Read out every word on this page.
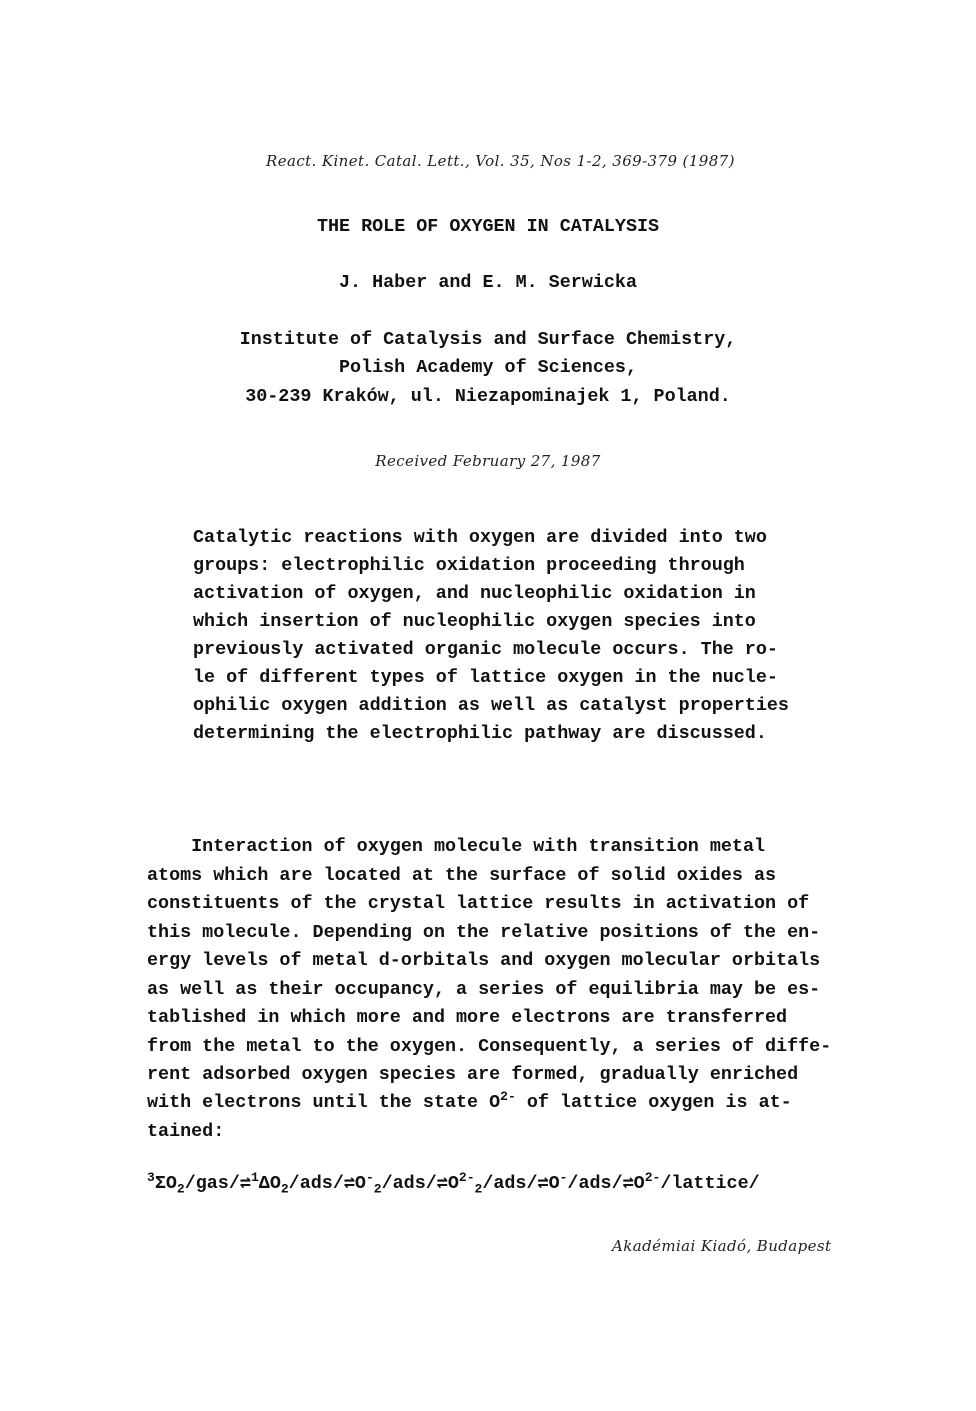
React. Kinet. Catal. Lett., Vol. 35, Nos 1-2, 369-379 (1987)
THE ROLE OF OXYGEN IN CATALYSIS
J. Haber and E. M. Serwicka
Institute of Catalysis and Surface Chemistry,
Polish Academy of Sciences,
30-239 Kraków, ul. Niezapominajek 1, Poland.
Received February 27, 1987
Catalytic reactions with oxygen are divided into two
groups: electrophilic oxidation proceeding through
activation of oxygen, and nucleophilic oxidation in
which insertion of nucleophilic oxygen species into
previously activated organic molecule occurs. The ro-
le of different types of lattice oxygen in the nucle-
ophilic oxygen addition as well as catalyst properties
determining the electrophilic pathway are discussed.
Interaction of oxygen molecule with transition metal
atoms which are located at the surface of solid oxides as
constituents of the crystal lattice results in activation of
this molecule. Depending on the relative positions of the en-
ergy levels of metal d-orbitals and oxygen molecular orbitals
as well as their occupancy, a series of equilibria may be es-
tablished in which more and more electrons are transferred
from the metal to the oxygen. Consequently, a series of diffe-
rent adsorbed oxygen species are formed, gradually enriched
with electrons until the state $O^{2-}$ of lattice oxygen is at-
tained:
$^3\Sigma O_2/gas/\rightleftharpoons^1\Delta O_2/ads/\rightleftharpoons O^-_2/ads/\rightleftharpoons O^{2-}_2/ads/\rightleftharpoons O^-/ads/\rightleftharpoons O^{2-}/lattice/$
Akadémiai Kiadó, Budapest
